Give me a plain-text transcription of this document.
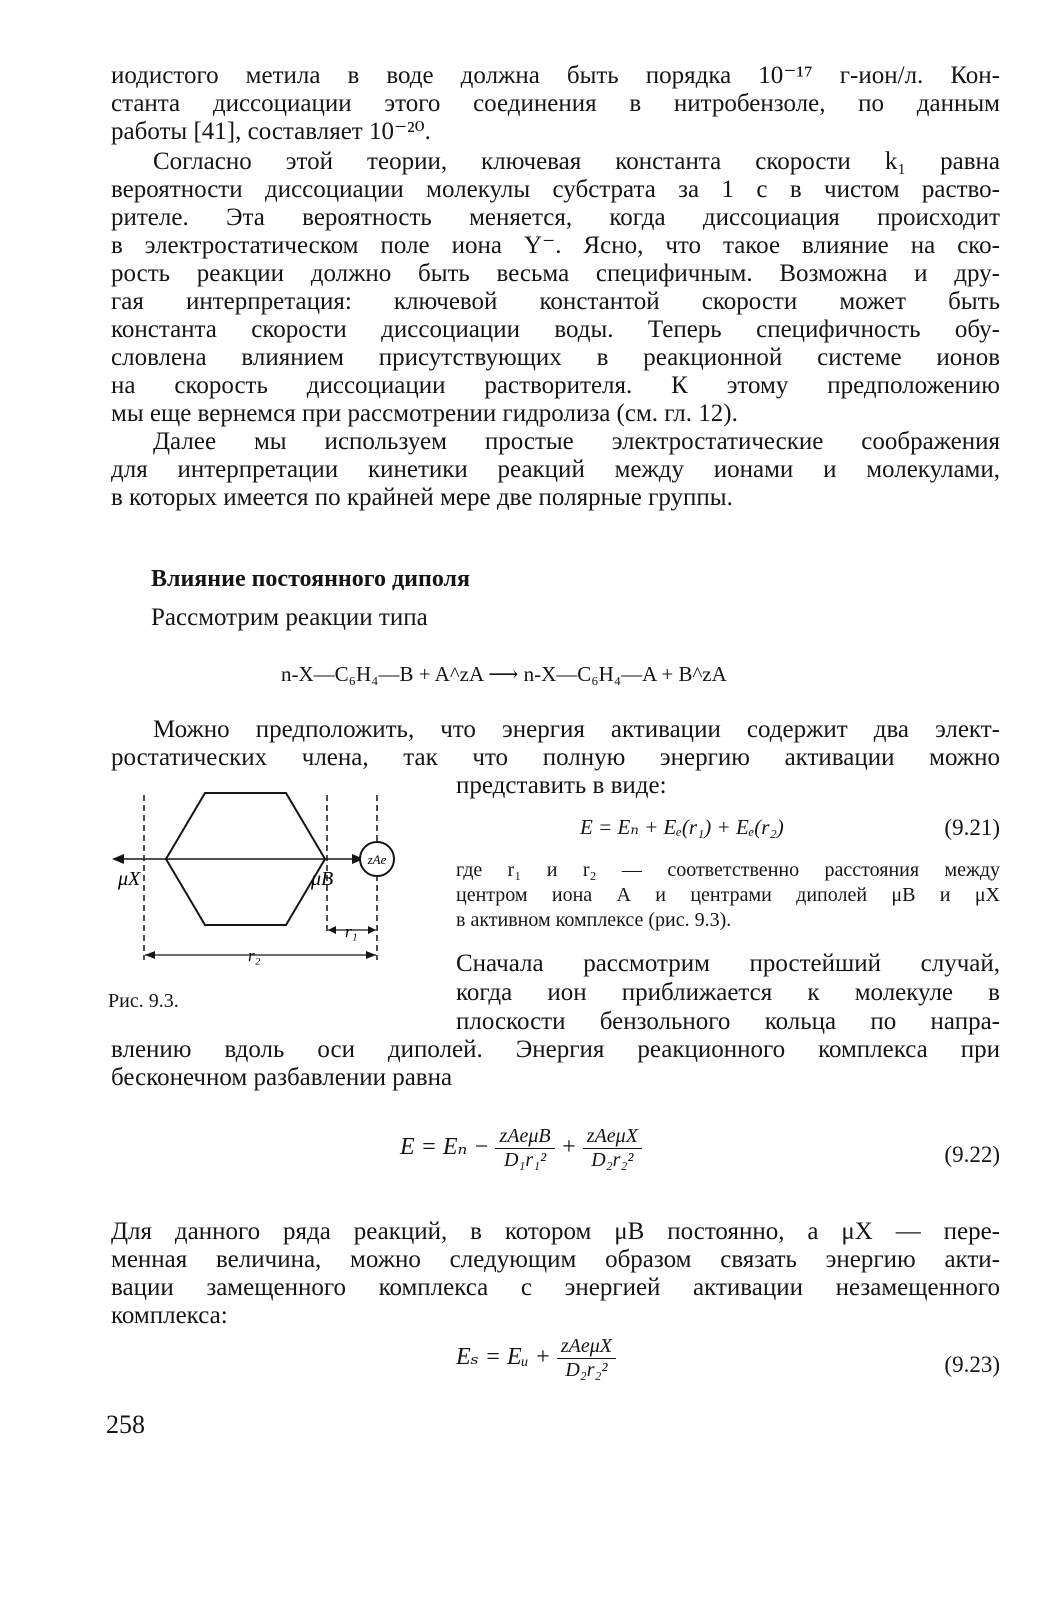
иодистого метила в воде должна быть порядка 10⁻¹⁷ г-ион/л. Кон-
станта диссоциации этого соединения в нитробензоле, по данным
работы [41], составляет 10⁻²⁰.
Согласно этой теории, ключевая константа скорости k₁ равна
вероятности диссоциации молекулы субстрата за 1 с в чистом раство-
рителе. Эта вероятность меняется, когда диссоциация происходит
в электростатическом поле иона Y⁻. Ясно, что такое влияние на ско-
рость реакции должно быть весьма специфичным. Возможна и дру-
гая интерпретация: ключевой константой скорости может быть
константа скорости диссоциации воды. Теперь специфичность обу-
словлена влиянием присутствующих в реакционной системе ионов
на скорость диссоциации растворителя. К этому предположению
мы еще вернемся при рассмотрении гидролиза (см. гл. 12).
Далее мы используем простые электростатические соображения
для интерпретации кинетики реакций между ионами и молекулами,
в которых имеется по крайней мере две полярные группы.
Влияние постоянного диполя
Рассмотрим реакции типа
n-X—C₆H₄—B + A^zA ⟶ n-X—C₆H₄—A + B^zA
Можно предположить, что энергия активации содержит два элект-
ростатических члена, так что полную энергию активации можно
представить в виде:
E = Eₙ + Eₑ(r₁) + Eₑ(r₂)	(9.21)
где r₁ и r₂ — соответственно расстояния между
центром иона А и центрами диполей μB и μX
в активном комплексе (рис. 9.3).
Сначала рассмотрим простейший случай,
когда ион приближается к молекуле в
плоскости бензольного кольца по напра-
влению вдоль оси диполей. Энергия реакционного комплекса при
бесконечном разбавлении равна
zAe
μX	μB
r₁
r₂
Рис. 9.3.
$E = E_n - \frac{\text{zAeμB}}{\text{D₁r₁²}} + \frac{\text{zAeμX}}{\text{D₂r₂²}}$	(9.22)
Для данного ряда реакций, в котором μB постоянно, а μX — пере-
менная величина, можно следующим образом связать энергию акти-
вации замещенного комплекса с энергией активации незамещенного
комплекса:
Eₛ = Eᵤ + $\frac{\text{zAeμX}}{\text{D₂r₂²}}$	(9.23)
258
